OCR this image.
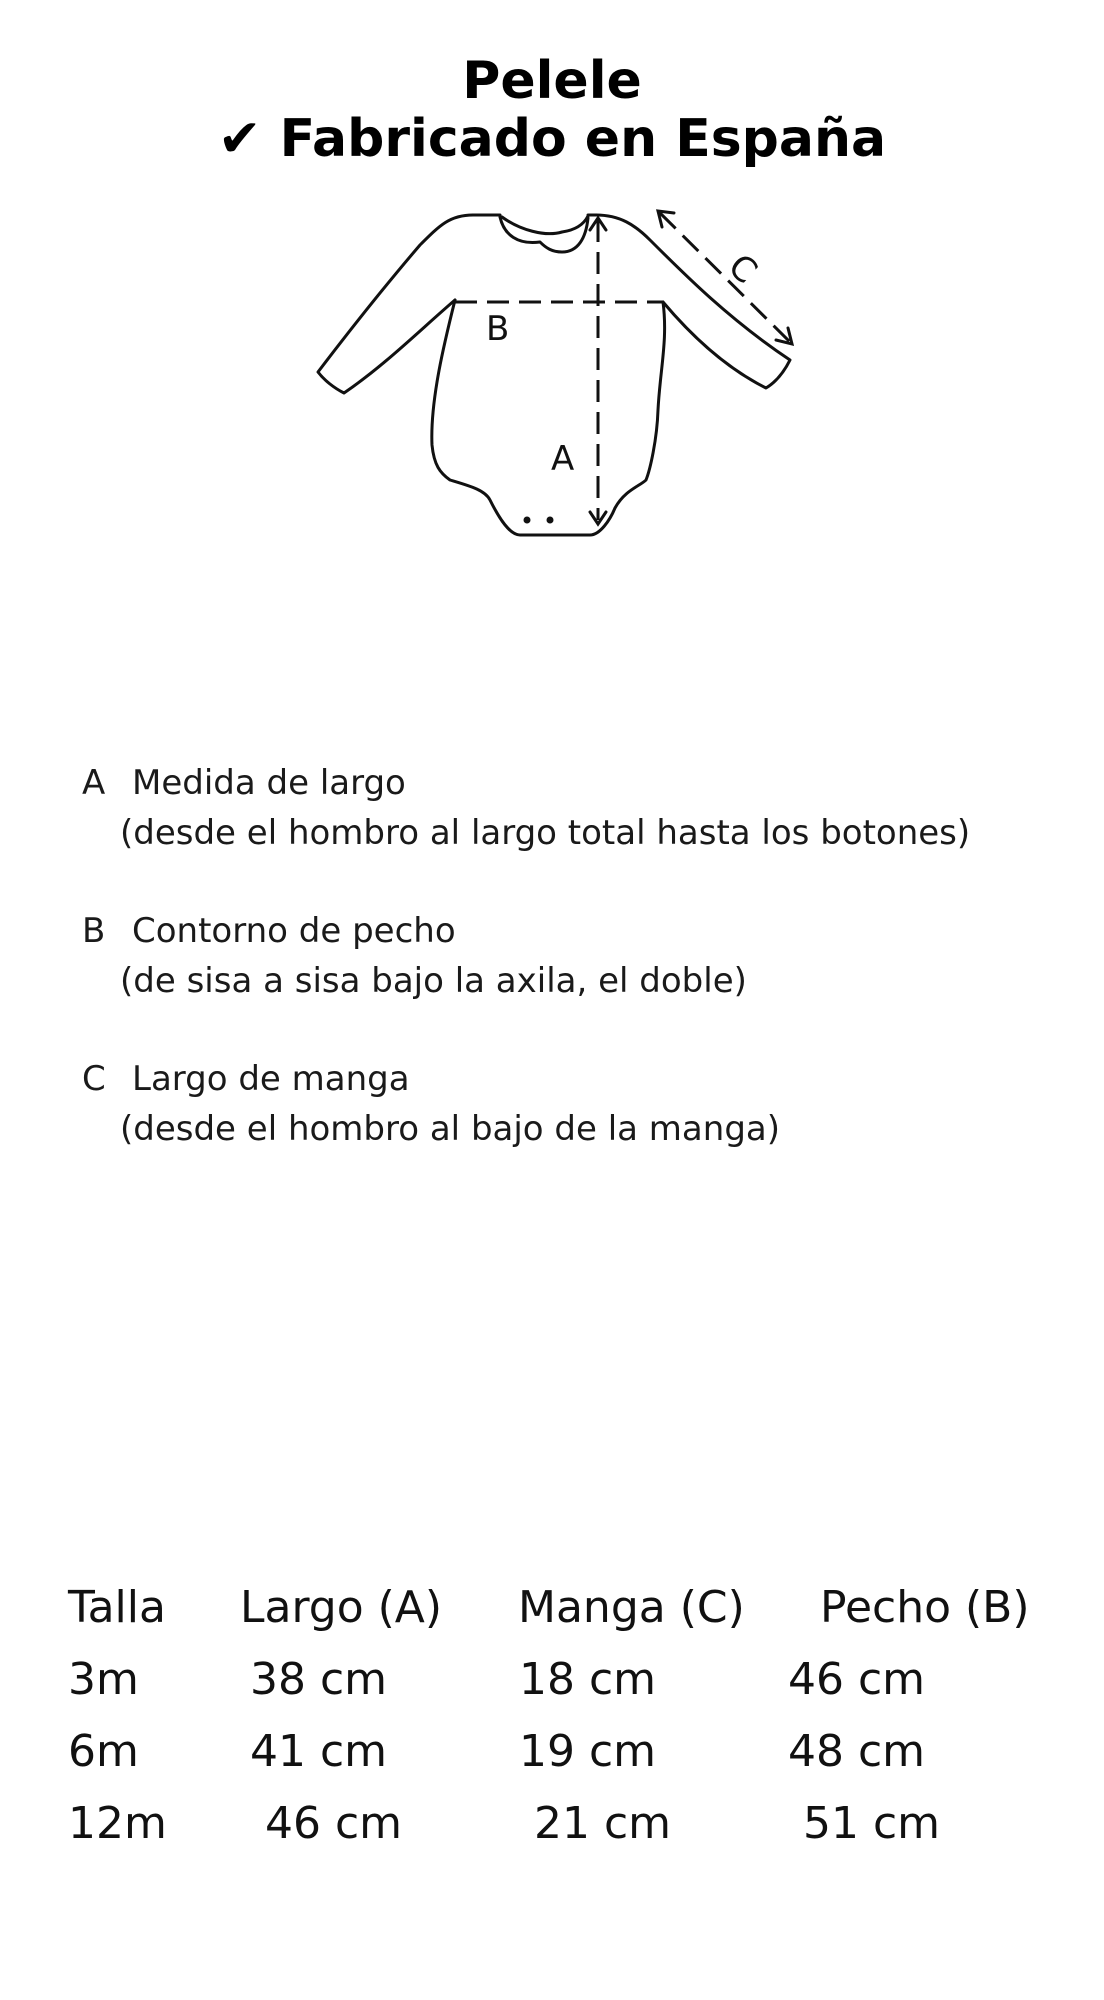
Pelele
✔ Fabricado en España
B
A
C
A Medida de largo
(desde el hombro al largo total hasta los botones)
B Contorno de pecho
(de sisa a sisa bajo la axila, el doble)
C Largo de manga
(desde el hombro al bajo de la manga)
Talla Largo (A) Manga (C) Pecho (B)
3m	38 cm	18 cm	46 cm
6m	41 cm	19 cm	48 cm
12m 46 cm	21 cm	51 cm
